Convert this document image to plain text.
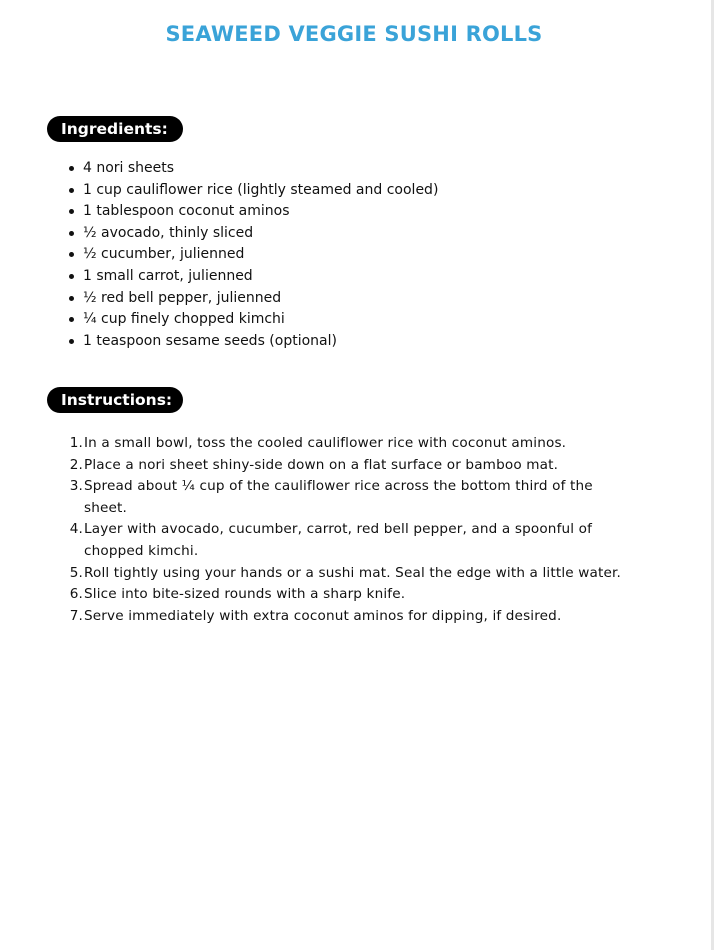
SEAWEED VEGGIE SUSHI ROLLS
Ingredients:
4 nori sheets
1 cup cauliflower rice (lightly steamed and cooled)
1 tablespoon coconut aminos
½ avocado, thinly sliced
½ cucumber, julienned
1 small carrot, julienned
½ red bell pepper, julienned
¼ cup finely chopped kimchi
1 teaspoon sesame seeds (optional)
Instructions:
1. In a small bowl, toss the cooled cauliflower rice with coconut aminos.
2. Place a nori sheet shiny-side down on a flat surface or bamboo mat.
3. Spread about ¼ cup of the cauliflower rice across the bottom third of the sheet.
4. Layer with avocado, cucumber, carrot, red bell pepper, and a spoonful of chopped kimchi.
5. Roll tightly using your hands or a sushi mat. Seal the edge with a little water.
6. Slice into bite-sized rounds with a sharp knife.
7. Serve immediately with extra coconut aminos for dipping, if desired.
